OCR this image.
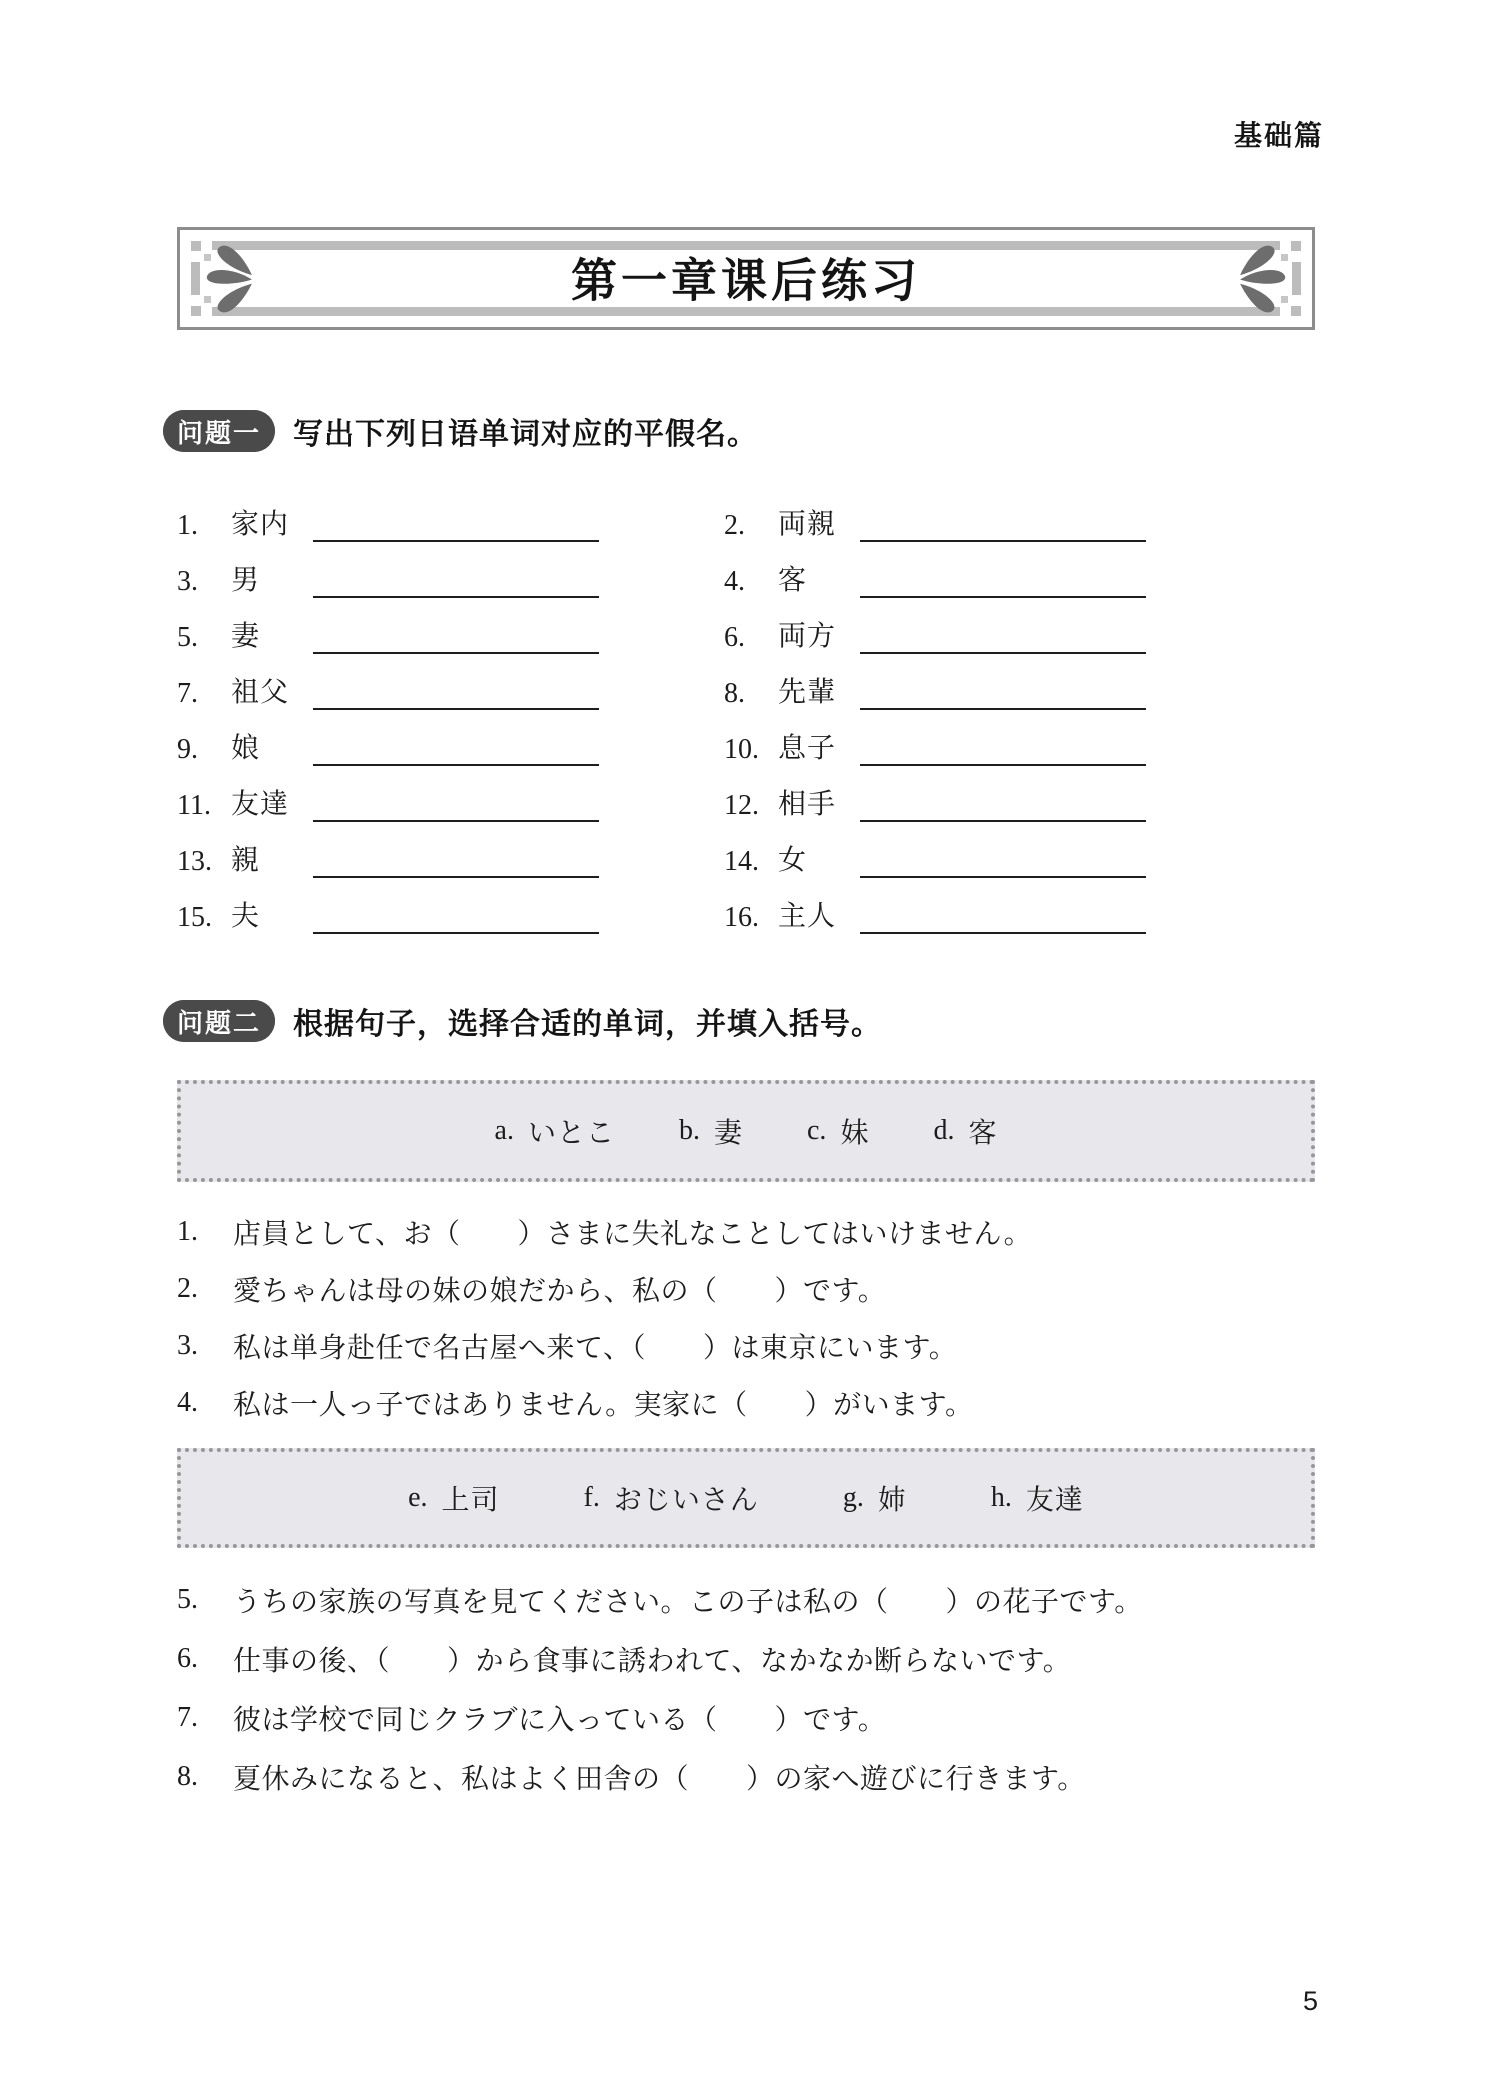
基础篇
第一章课后练习
问题一	写出下列日语单词对应的平假名。
1.	家内	2.	両親
3.	男	4.	客
5.	妻	6.	両方
7.	祖父	8.	先輩
9.	娘	10. 息子
11. 友達	12. 相手
13. 親	14. 女
15. 夫	16. 主人
问题二	根据句子，选择合适的单词，并填入括号。
a. いとこ b. 妻 c. 妹 d. 客
1.	店員として、お（　　）さまに失礼なことしてはいけません。
2.	愛ちゃんは母の妹の娘だから、私の（　　）です。
3.	私は単身赴任で名古屋へ来て、（　　）は東京にいます。
4.	私は一人っ子ではありません。実家に（　　）がいます。
e. 上司	f. おじいさん	g. 姉	h. 友達
5.	うちの家族の写真を見てください。この子は私の（　　）の花子です。
6.	仕事の後、（　　）から食事に誘われて、なかなか断らないです。
7.	彼は学校で同じクラブに入っている（　　）です。
8.	夏休みになると、私はよく田舎の（　　）の家へ遊びに行きます。
5
